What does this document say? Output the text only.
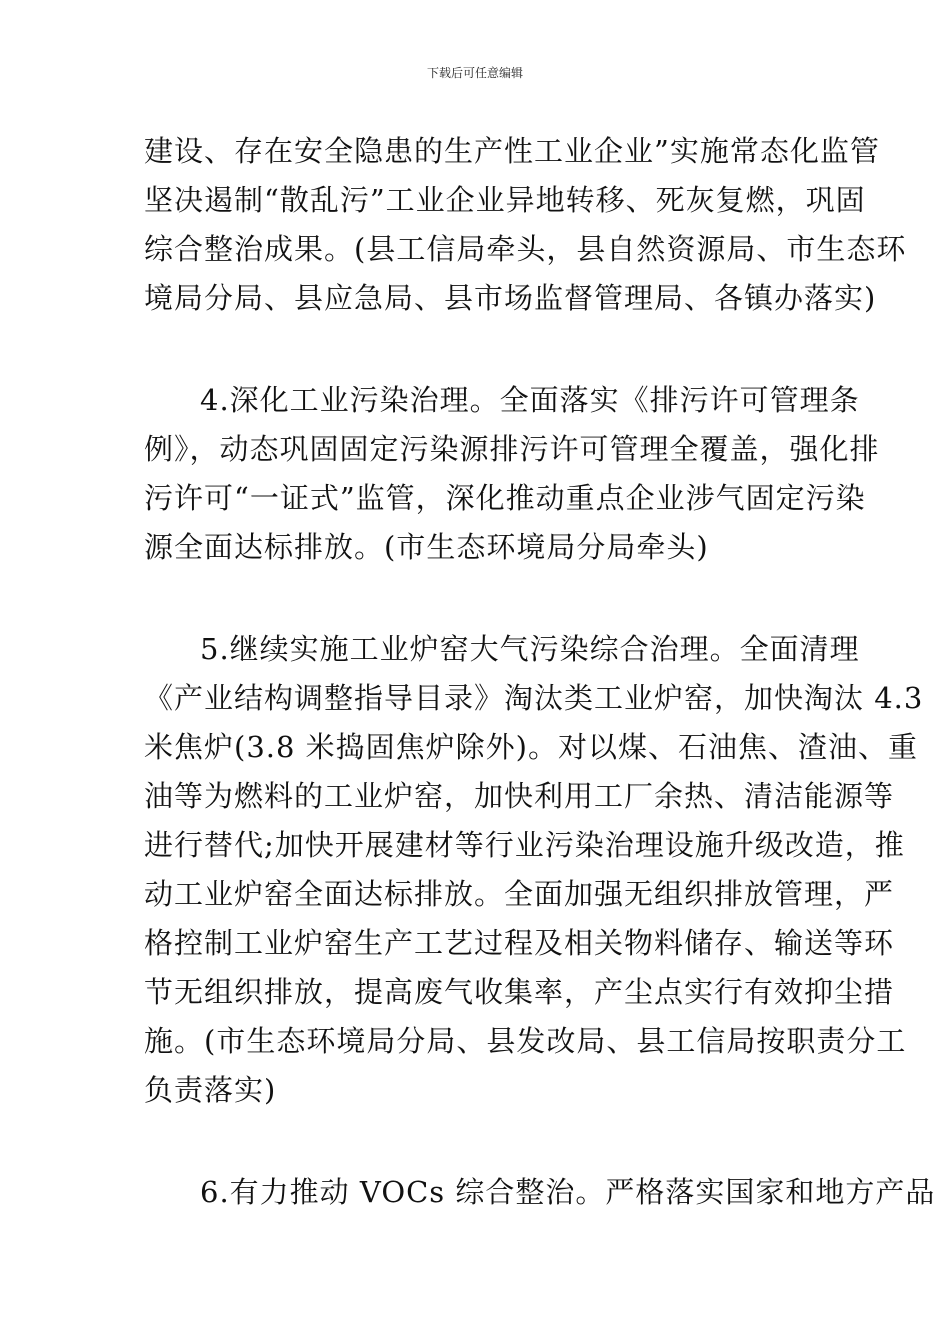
下载后可任意编辑
建设、存在安全隐患的生产性工业企业”实施常态化监管
坚决遏制“散乱污”工业企业异地转移、死灰复燃，巩固
综合整治成果。(县工信局牵头，县自然资源局、市生态环
境局分局、县应急局、县市场监督管理局、各镇办落实)
4.深化工业污染治理。全面落实《排污许可管理条
例》，动态巩固固定污染源排污许可管理全覆盖，强化排
污许可“一证式”监管，深化推动重点企业涉气固定污染
源全面达标排放。(市生态环境局分局牵头)
5.继续实施工业炉窑大气污染综合治理。全面清理
《产业结构调整指导目录》淘汰类工业炉窑，加快淘汰 4.3
米焦炉(3.8 米捣固焦炉除外)。对以煤、石油焦、渣油、重
油等为燃料的工业炉窑，加快利用工厂余热、清洁能源等
进行替代;加快开展建材等行业污染治理设施升级改造，推
动工业炉窑全面达标排放。全面加强无组织排放管理，严
格控制工业炉窑生产工艺过程及相关物料储存、输送等环
节无组织排放，提高废气收集率，产尘点实行有效抑尘措
施。(市生态环境局分局、县发改局、县工信局按职责分工
负责落实)
6.有力推动 VOCs 综合整治。严格落实国家和地方产品
